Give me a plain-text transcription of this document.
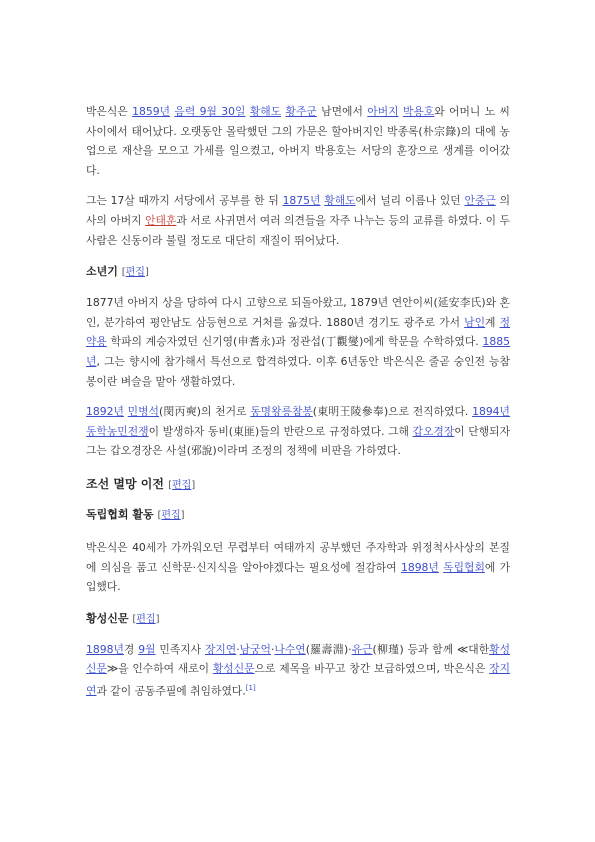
박은식은 1859년 음력 9월 30일 황해도 황주군 남면에서 아버지 박용호와 어머니 노 씨 사이에서 태어났다. 오랫동안 몰락했던 그의 가문은 할아버지인 박종록(朴宗錄)의 대에 농업으로 재산을 모으고 가세를 일으켰고, 아버지 박용호는 서당의 훈장으로 생계를 이어갔다.

그는 17살 때까지 서당에서 공부를 한 뒤 1875년 황해도에서 널리 이름나 있던 안중근 의사의 아버지 안태훈과 서로 사귀면서 여러 의견들을 자주 나누는 등의 교류를 하였다. 이 두 사람은 신동이라 불릴 정도로 대단히 재질이 뛰어났다.

소년기 [편집]

1877년 아버지 상을 당하여 다시 고향으로 되돌아왔고, 1879년 연안이씨(延安李氏)와 혼인, 분가하여 평안남도 삼등현으로 거처를 옮겼다. 1880년 경기도 광주로 가서 남인계 정약용 학파의 계승자였던 신기영(申耆永)과 정관섭(丁觀燮)에게 학문을 수학하였다. 1885년, 그는 향시에 참가해서 특선으로 합격하였다. 이후 6년동안 박은식은 줄곧 숭인전 능참봉이란 벼슬을 맡아 생활하였다.

1892년 민병석(閔丙奭)의 천거로 동명왕릉참봉(東明王陵參奉)으로 전직하였다. 1894년 동학농민전쟁이 발생하자 동비(東匪)들의 반란으로 규정하였다. 그해 갑오경장이 단행되자 그는 갑오경장은 사설(邪說)이라며 조정의 정책에 비판을 가하였다.

조선 멸망 이전 [편집]
독립협회 활동 [편집]

박은식은 40세가 가까워오던 무렵부터 여태까지 공부했던 주자학과 위정척사사상의 본질에 의심을 품고 신학문·신지식을 알아야겠다는 필요성에 절감하여 1898년 독립협회에 가입했다.

황성신문 [편집]

1898년경 9월 민족지사 장지연·남궁억·나수연(羅壽淵)·유근(柳瑾) 등과 함께 ≪대한황성신문≫을 인수하여 새로이 황성신문으로 제목을 바꾸고 창간 보급하였으며, 박은식은 장지연과 같이 공동주필에 취임하였다.[1]
